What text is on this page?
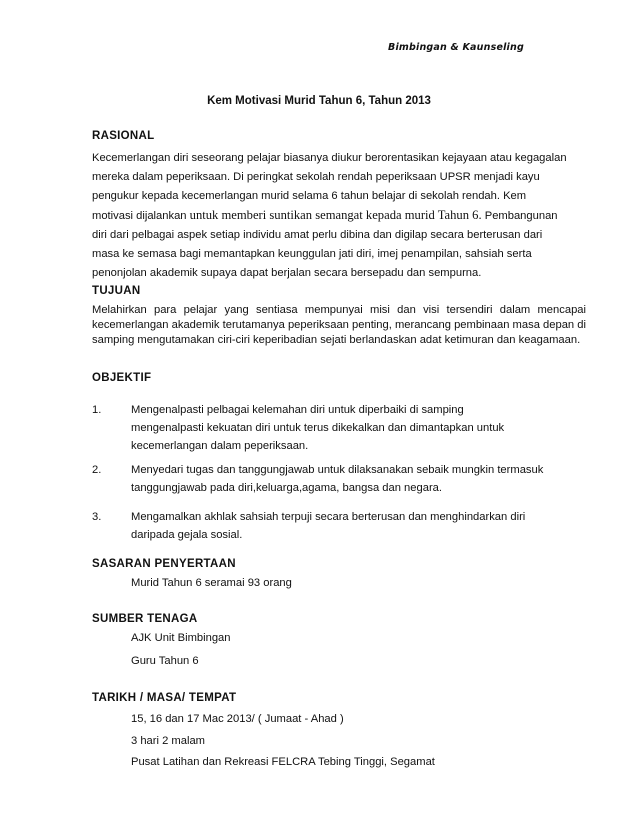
Bimbingan & Kaunseling
Kem Motivasi Murid Tahun 6, Tahun 2013
RASIONAL
Kecemerlangan diri seseorang pelajar biasanya diukur berorentasikan kejayaan atau kegagalan
mereka dalam peperiksaan. Di peringkat sekolah rendah peperiksaan UPSR menjadi kayu
pengukur kepada kecemerlangan murid selama 6 tahun belajar di sekolah rendah. Kem
motivasi dijalankan untuk memberi suntikan semangat kepada murid Tahun 6. Pembangunan
diri dari pelbagai aspek setiap individu amat perlu dibina dan digilap secara berterusan dari
masa ke semasa bagi memantapkan keunggulan jati diri, imej penampilan, sahsiah serta
penonjolan akademik supaya dapat berjalan secara bersepadu dan sempurna.
TUJUAN
Melahirkan para pelajar yang sentiasa mempunyai misi dan visi tersendiri dalam mencapai kecemerlangan akademik terutamanya peperiksaan penting, merancang pembinaan masa depan di samping mengutamakan ciri-ciri keperibadian sejati berlandaskan adat ketimuran dan keagamaan.
OBJEKTIF
1.	Mengenalpasti pelbagai kelemahan diri untuk diperbaiki di samping
mengenalpasti kekuatan diri untuk terus dikekalkan dan dimantapkan untuk
kecemerlangan dalam peperiksaan.
2.	Menyedari tugas dan tanggungjawab untuk dilaksanakan sebaik mungkin termasuk
tanggungjawab pada diri,keluarga,agama, bangsa dan negara.
3.	Mengamalkan akhlak sahsiah terpuji secara berterusan dan menghindarkan diri
daripada gejala sosial.
SASARAN PENYERTAAN
Murid Tahun 6 seramai 93 orang
SUMBER TENAGA
AJK Unit Bimbingan
Guru Tahun 6
TARIKH / MASA/ TEMPAT
15, 16 dan 17 Mac 2013/ ( Jumaat - Ahad )
3 hari 2 malam
Pusat Latihan dan Rekreasi FELCRA Tebing Tinggi, Segamat
